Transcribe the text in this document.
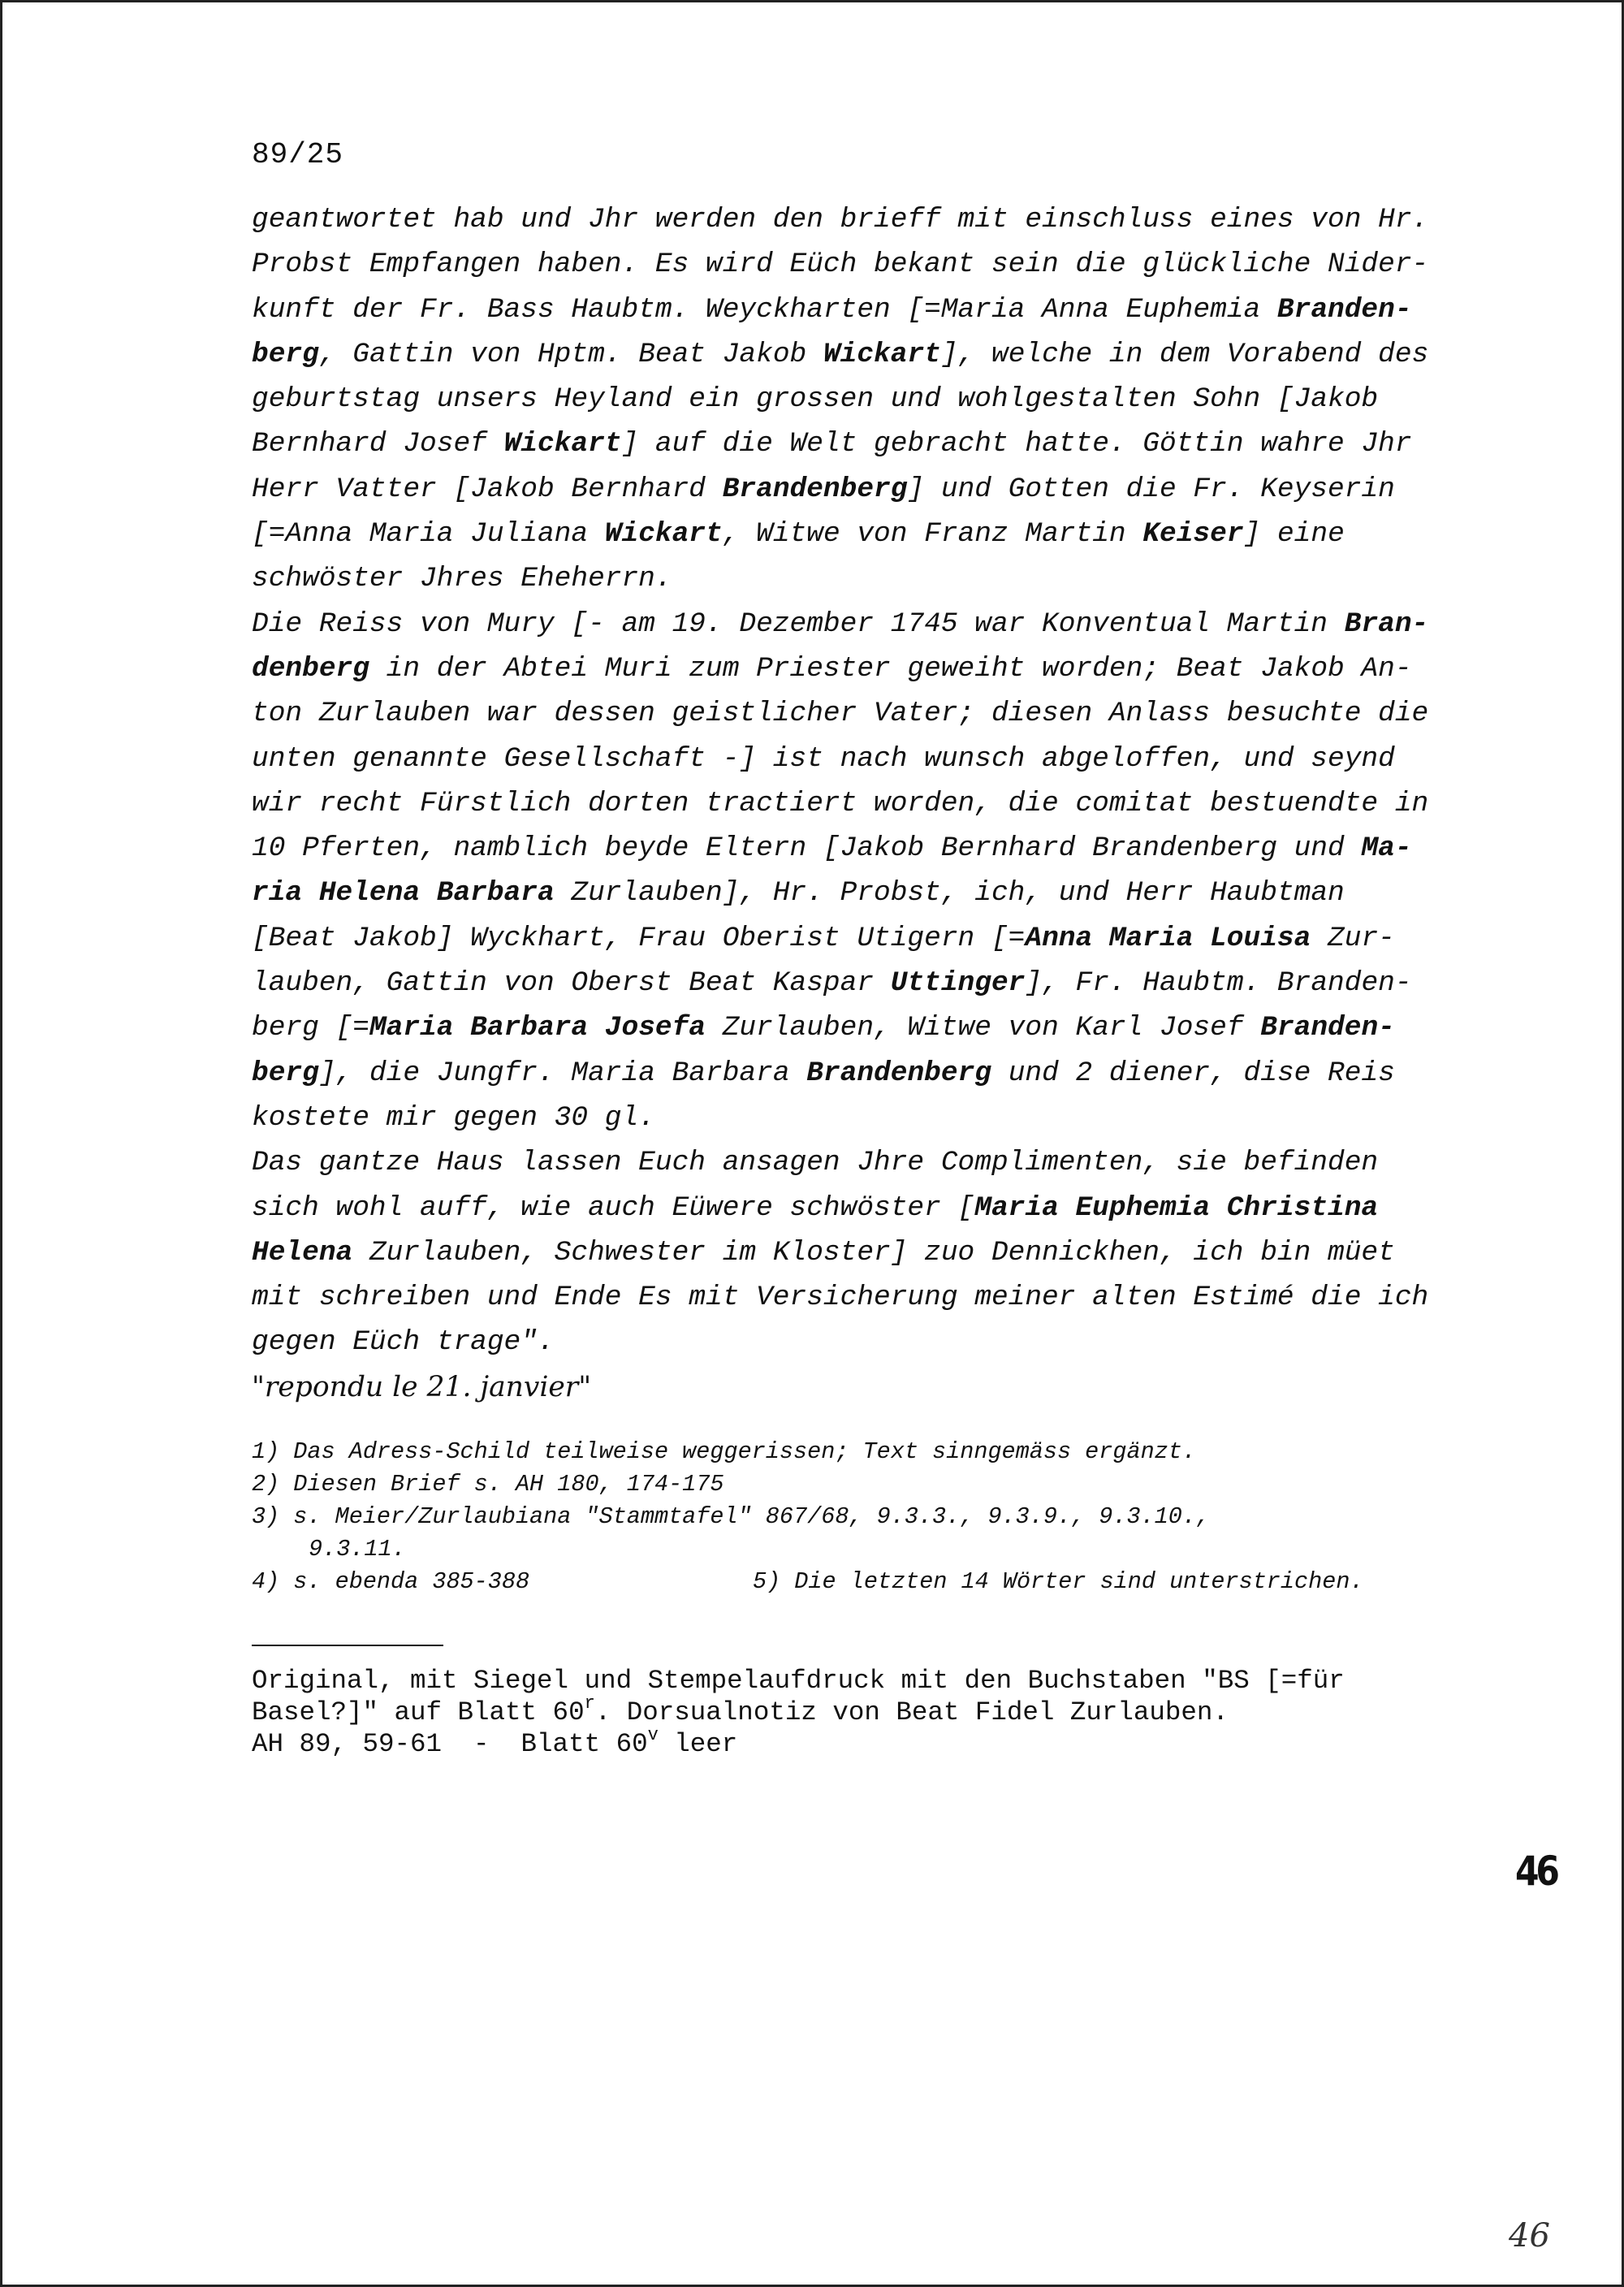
89/25
geantwortet hab und Jhr werden den brieff mit einschluss eines von Hr.
Probst Empfangen haben. Es wird Eüch bekant sein die glückliche Nider-
kunft der Fr. Bass Haubtm. Weyckharten [=Maria Anna Euphemia Branden-
berg, Gattin von Hptm. Beat Jakob Wickart], welche in dem Vorabend des
geburtstag unsers Heyland ein grossen und wohlgestalten Sohn [Jakob
Bernhard Josef Wickart] auf die Welt gebracht hatte. Göttin wahre Jhr
Herr Vatter [Jakob Bernhard Brandenberg] und Gotten die Fr. Keyserin
[=Anna Maria Juliana Wickart, Witwe von Franz Martin Keiser] eine
schwöster Jhres Eheherrn.
Die Reiss von Mury [- am 19. Dezember 1745 war Konventual Martin Bran-
denberg in der Abtei Muri zum Priester geweiht worden; Beat Jakob An-
ton Zurlauben war dessen geistlicher Vater; diesen Anlass besuchte die
unten genannte Gesellschaft -] ist nach wunsch abgeloffen, und seynd
wir recht Fürstlich dorten tractiert worden, die comitat bestuendte in
10 Pferten, namblich beyde Eltern [Jakob Bernhard Brandenberg und Ma-
ria Helena Barbara Zurlauben], Hr. Probst, ich, und Herr Haubtman
[Beat Jakob] Wyckhart, Frau Oberist Utigern [=Anna Maria Louisa Zur-
lauben, Gattin von Oberst Beat Kaspar Uttinger], Fr. Haubtm. Branden-
berg [=Maria Barbara Josefa Zurlauben, Witwe von Karl Josef Branden-
berg], die Jungfr. Maria Barbara Brandenberg und 2 diener, dise Reis
kostete mir gegen 30 gl.
Das gantze Haus lassen Euch ansagen Jhre Complimenten, sie befinden
sich wohl auff, wie auch Eüwere schwöster [Maria Euphemia Christina
Helena Zurlauben, Schwester im Kloster] zuo Dennickhen, ich bin müet
mit schreiben und Ende Es mit Versicherung meiner alten Estimé die ich
gegen Eüch trage".
"repondu le 21. janvier"
1) Das Adress-Schild teilweise weggerissen; Text sinngemäss ergänzt.
2) Diesen Brief s. AH 180, 174-175
3) s. Meier/Zurlaubiana "Stammtafel" 867/68, 9.3.3., 9.3.9., 9.3.10.,
9.3.11.
4) s. ebenda 385-388	5) Die letzten 14 Wörter sind unterstrichen.
Original, mit Siegel und Stempelaufdruck mit den Buchstaben "BS [=für
Basel?]" auf Blatt 60$^r$. Dorsualnotiz von Beat Fidel Zurlauben.
AH 89, 59-61  -  Blatt 60$^v$ leer
46
46
